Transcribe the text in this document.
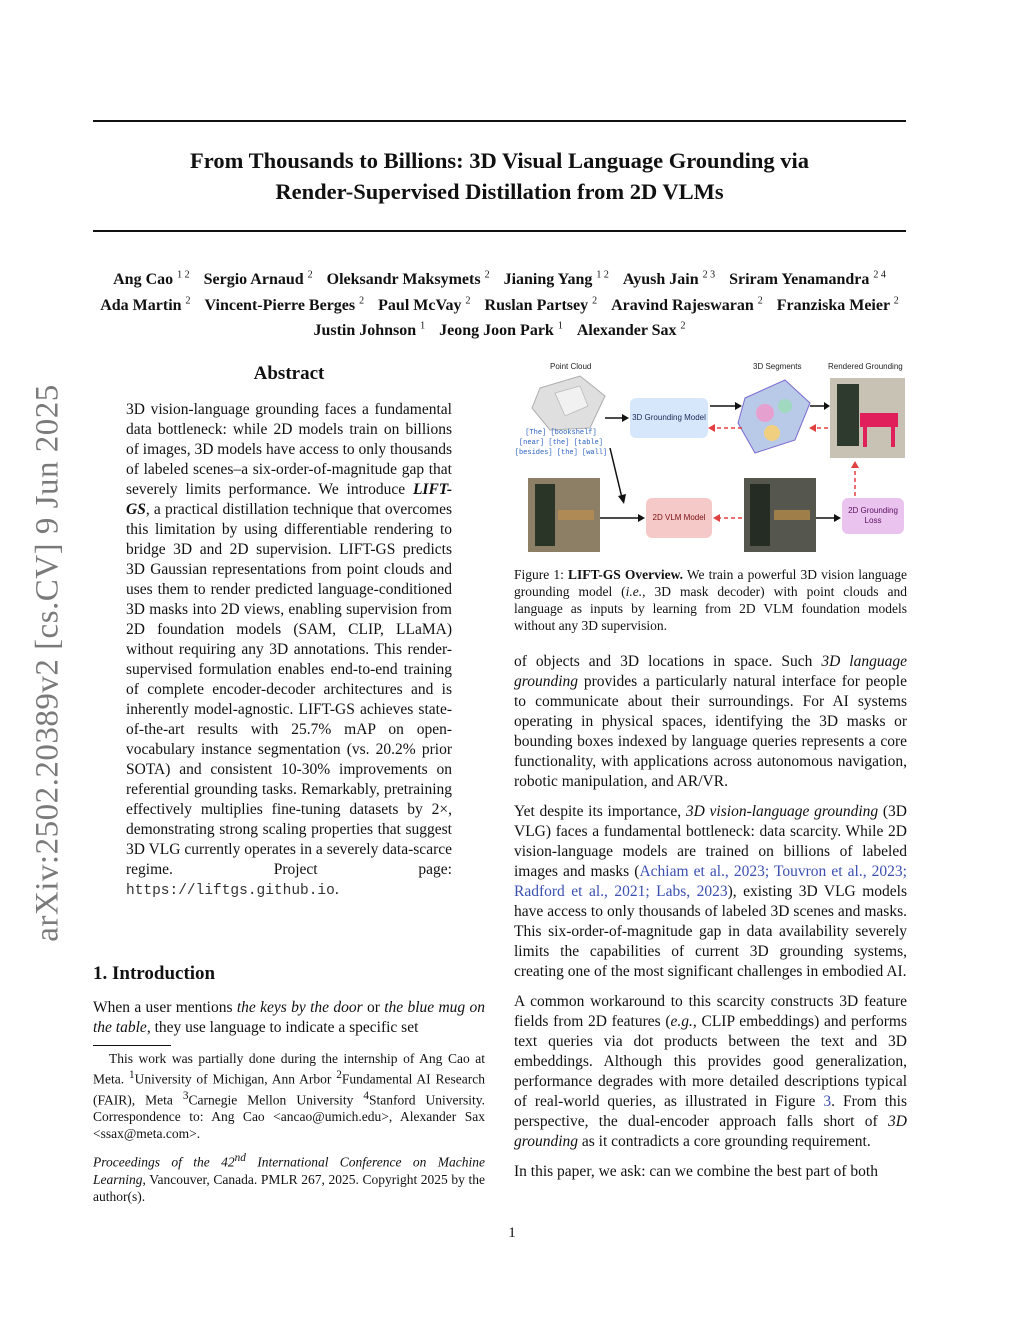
From Thousands to Billions: 3D Visual Language Grounding via
Render-Supervised Distillation from 2D VLMs
Ang Cao $^{1 2}$ Sergio Arnaud $^2$ Oleksandr Maksymets $^2$ Jianing Yang $^{1 2}$ Ayush Jain $^{2 3}$ Sriram Yenamandra $^{2 4}$
Ada Martin $^2$ Vincent-Pierre Berges $^2$ Paul McVay $^2$ Ruslan Partsey $^2$ Aravind Rajeswaran $^2$ Franziska Meier $^2$
Justin Johnson $^1$ Jeong Joon Park $^1$ Alexander Sax $^2$
arXiv:2502.20389v2 [cs.CV] 9 Jun 2025
Abstract
3D vision-language grounding faces a fundamental data bottleneck: while 2D models train on billions of images, 3D models have access to only thousands of labeled scenes–a six-order-of-magnitude gap that severely limits performance. We introduce LIFT-GS, a practical distillation technique that overcomes this limitation by using differentiable rendering to bridge 3D and 2D supervision. LIFT-GS predicts 3D Gaussian representations from point clouds and uses them to render predicted language-conditioned 3D masks into 2D views, enabling supervision from 2D foundation models (SAM, CLIP, LLaMA) without requiring any 3D annotations. This render-supervised formulation enables end-to-end training of complete encoder-decoder architectures and is inherently model-agnostic. LIFT-GS achieves state-of-the-art results with 25.7% mAP on open-vocabulary instance segmentation (vs. 20.2% prior SOTA) and consistent 10-30% improvements on referential grounding tasks. Remarkably, pretraining effectively multiplies fine-tuning datasets by 2×, demonstrating strong scaling properties that suggest 3D VLG currently operates in a severely data-scarce regime. Project page: https://liftgs.github.io.
1. Introduction
When a user mentions the keys by the door or the blue mug on the table, they use language to indicate a specific set
This work was partially done during the internship of Ang Cao at Meta. $^1$University of Michigan, Ann Arbor $^2$Fundamental AI Research (FAIR), Meta $^3$Carnegie Mellon University $^4$Stanford University. Correspondence to: Ang Cao <ancao@umich.edu>, Alexander Sax <ssax@meta.com>.
Proceedings of the 42nd International Conference on Machine Learning, Vancouver, Canada. PMLR 267, 2025. Copyright 2025 by the author(s).
Point Cloud	3D Segments	Rendered Grounding
[The] [bookshelf] [near] [the] [table] [besides] [the] [wall]
3D Grounding Model
2D VLM Model
2D Grounding Loss
Figure 1: LIFT-GS Overview. We train a powerful 3D vision language grounding model (i.e., 3D mask decoder) with point clouds and language as inputs by learning from 2D VLM foundation models without any 3D supervision.

of objects and 3D locations in space. Such 3D language grounding provides a particularly natural interface for people to communicate about their surroundings. For AI systems operating in physical spaces, identifying the 3D masks or bounding boxes indexed by language queries represents a core functionality, with applications across autonomous navigation, robotic manipulation, and AR/VR.

Yet despite its importance, 3D vision-language grounding (3D VLG) faces a fundamental bottleneck: data scarcity. While 2D vision-language models are trained on billions of labeled images and masks (Achiam et al., 2023; Touvron et al., 2023; Radford et al., 2021; Labs, 2023), existing 3D VLG models have access to only thousands of labeled 3D scenes and masks. This six-order-of-magnitude gap in data availability severely limits the capabilities of current 3D grounding systems, creating one of the most significant challenges in embodied AI.

A common workaround to this scarcity constructs 3D feature fields from 2D features (e.g., CLIP embeddings) and performs text queries via dot products between the text and 3D embeddings. Although this provides good generalization, performance degrades with more detailed descriptions typical of real-world queries, as illustrated in Figure 3. From this perspective, the dual-encoder approach falls short of 3D grounding as it contradicts a core grounding requirement.

In this paper, we ask: can we combine the best part of both

1
